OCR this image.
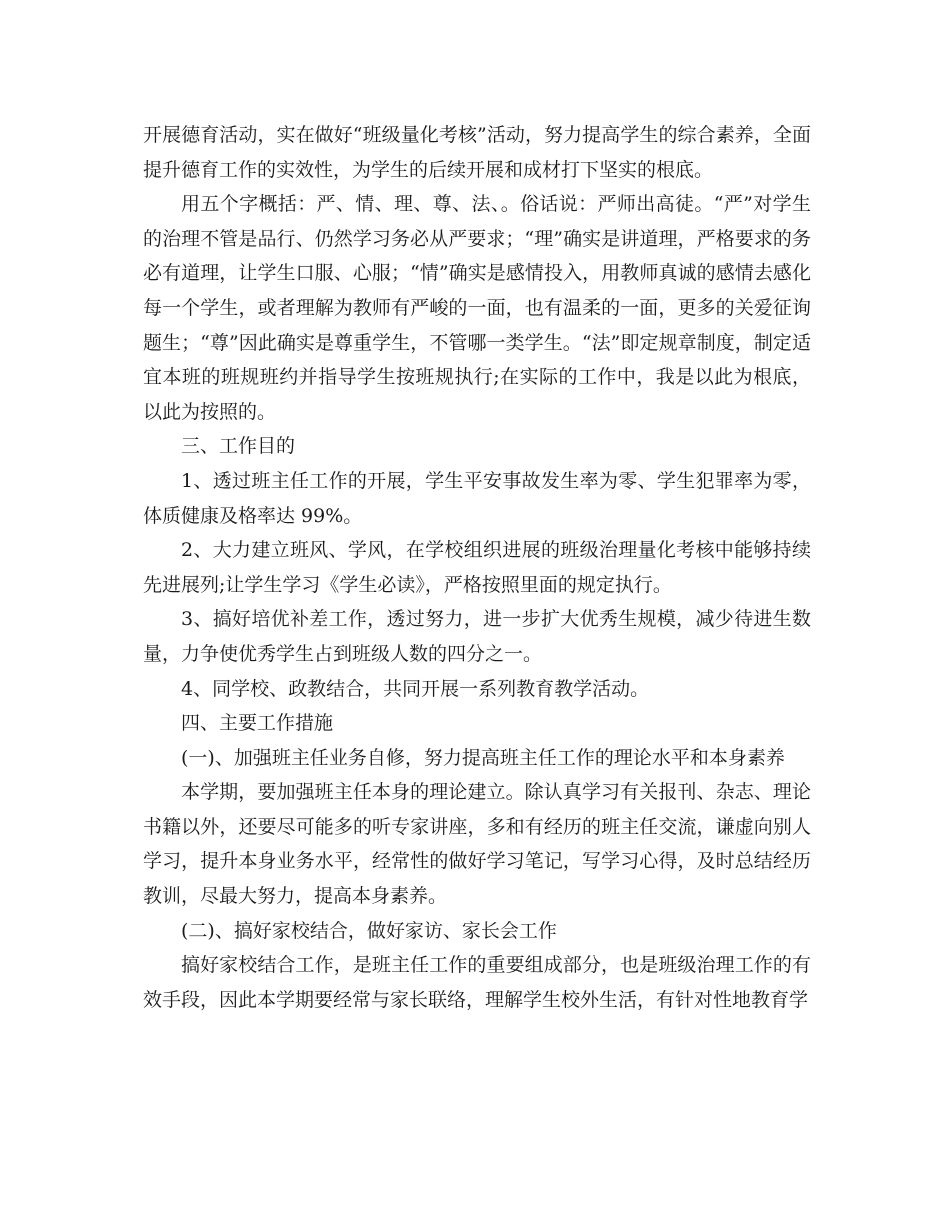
开展德育活动，实在做好“班级量化考核”活动，努力提高学生的综合素养，全面提升德育工作的实效性，为学生的后续开展和成材打下坚实的根底。

用五个字概括：严、情、理、尊、法、。俗话说：严师出高徒。“严”对学生的治理不管是品行、仍然学习务必从严要求；“理”确实是讲道理，严格要求的务必有道理，让学生口服、心服；“情”确实是感情投入，用教师真诚的感情去感化每一个学生，或者理解为教师有严峻的一面，也有温柔的一面，更多的关爱征询题生；“尊”因此确实是尊重学生，不管哪一类学生。“法”即定规章制度，制定适宜本班的班规班约并指导学生按班规执行;在实际的工作中，我是以此为根底，以此为按照的。

三、工作目的

1、透过班主任工作的开展，学生平安事故发生率为零、学生犯罪率为零，体质健康及格率达 99%。

2、大力建立班风、学风，在学校组织进展的班级治理量化考核中能够持续先进展列;让学生学习《学生必读》，严格按照里面的规定执行。

3、搞好培优补差工作，透过努力，进一步扩大优秀生规模，减少待进生数量，力争使优秀学生占到班级人数的四分之一。

4、同学校、政教结合，共同开展一系列教育教学活动。

四、主要工作措施

(一)、加强班主任业务自修，努力提高班主任工作的理论水平和本身素养

本学期，要加强班主任本身的理论建立。除认真学习有关报刊、杂志、理论书籍以外，还要尽可能多的听专家讲座，多和有经历的班主任交流，谦虚向别人学习，提升本身业务水平，经常性的做好学习笔记，写学习心得，及时总结经历教训，尽最大努力，提高本身素养。

(二)、搞好家校结合，做好家访、家长会工作

搞好家校结合工作，是班主任工作的重要组成部分，也是班级治理工作的有效手段，因此本学期要经常与家长联络，理解学生校外生活，有针对性地教育学
